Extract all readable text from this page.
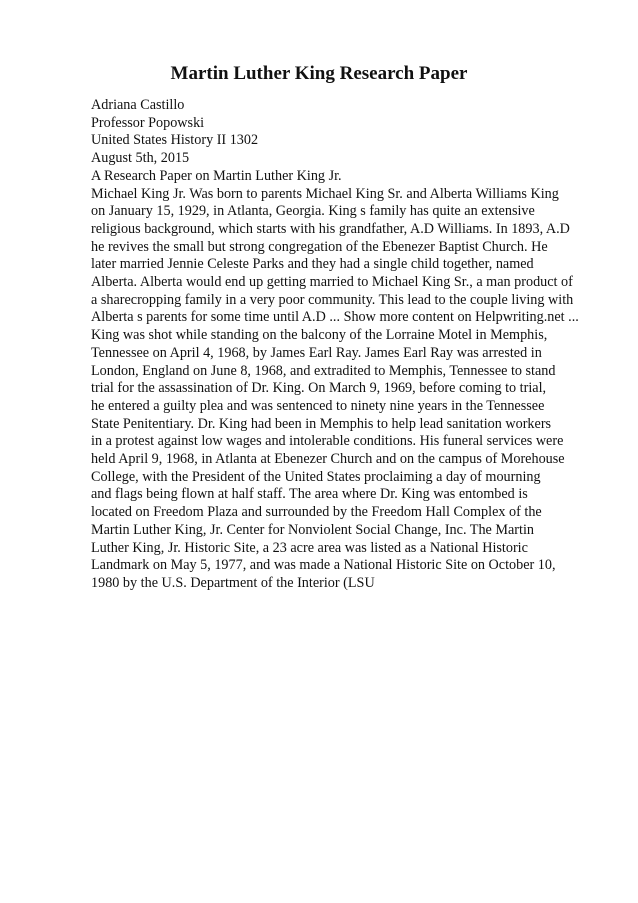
Martin Luther King Research Paper
Adriana Castillo
Professor Popowski
United States History II 1302
August 5th, 2015
A Research Paper on Martin Luther King Jr.
Michael King Jr. Was born to parents Michael King Sr. and Alberta Williams King
on January 15, 1929, in Atlanta, Georgia. King s family has quite an extensive
religious background, which starts with his grandfather, A.D Williams. In 1893, A.D
he revives the small but strong congregation of the Ebenezer Baptist Church. He
later married Jennie Celeste Parks and they had a single child together, named
Alberta. Alberta would end up getting married to Michael King Sr., a man product of
a sharecropping family in a very poor community. This lead to the couple living with
Alberta s parents for some time until A.D ... Show more content on Helpwriting.net ...
King was shot while standing on the balcony of the Lorraine Motel in Memphis,
Tennessee on April 4, 1968, by James Earl Ray. James Earl Ray was arrested in
London, England on June 8, 1968, and extradited to Memphis, Tennessee to stand
trial for the assassination of Dr. King. On March 9, 1969, before coming to trial,
he entered a guilty plea and was sentenced to ninety nine years in the Tennessee
State Penitentiary. Dr. King had been in Memphis to help lead sanitation workers
in a protest against low wages and intolerable conditions. His funeral services were
held April 9, 1968, in Atlanta at Ebenezer Church and on the campus of Morehouse
College, with the President of the United States proclaiming a day of mourning
and flags being flown at half staff. The area where Dr. King was entombed is
located on Freedom Plaza and surrounded by the Freedom Hall Complex of the
Martin Luther King, Jr. Center for Nonviolent Social Change, Inc. The Martin
Luther King, Jr. Historic Site, a 23 acre area was listed as a National Historic
Landmark on May 5, 1977, and was made a National Historic Site on October 10,
1980 by the U.S. Department of the Interior (LSU
